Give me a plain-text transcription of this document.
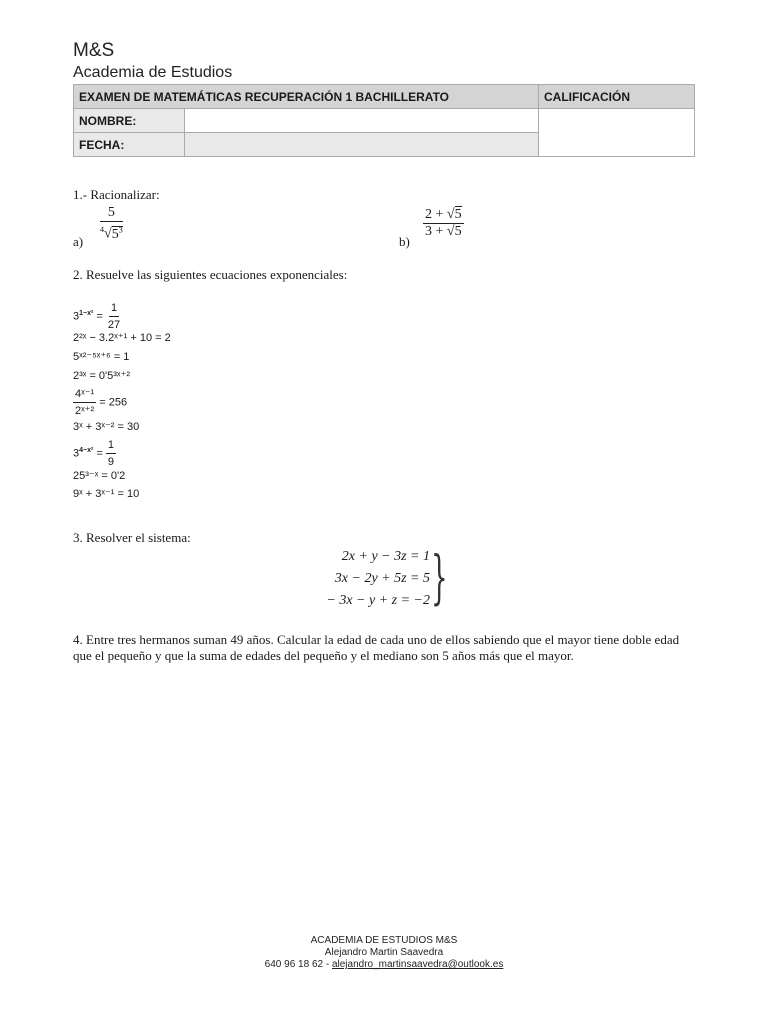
M&S
Academia de Estudios
EXAMEN DE MATEMÁTICAS RECUPERACIÓN 1 BACHILLERATO		CALIFICACIÓN
NOMBRE:		
FECHA:		
1.- Racionalizar:
$a) \frac{5}{^4√5^3}$	b)
$\frac{2 + √5}{3 + √5}$
2. Resuelve las siguientes ecuaciones exponenciales:
$3^{1-x^2} = \frac{1}{27}$
2²ˣ − 3.2ˣ⁺¹ + 10 = 2
5ˣ²⁻⁵ˣ⁺⁶ = 1
2³ˣ = 0'5³ˣ⁺²
$\frac{\text{4ˣ⁻¹}}{\text{2ˣ⁺²}} = 256$
3ˣ + 3ˣ⁻² = 30
$3^{4-x^2} = \frac{1}{9}$
25³⁻ˣ = 0'2
9ˣ + 3ˣ⁻¹ = 10
3. Resolver el sistema:
2x + y − 3z = 1
3x − 2y + 5z = 5
− 3x − y + z = −2 }
4. Entre tres hermanos suman 49 años. Calcular la edad de cada uno de ellos sabiendo que el mayor tiene doble edad que el pequeño y que la suma de edades del pequeño y el mediano son 5 años más que el mayor.
ACADEMIA DE ESTUDIOS M&S
Alejandro Martin Saavedra
640 96 18 62 - alejandro_martinsaavedra@outlook.es
